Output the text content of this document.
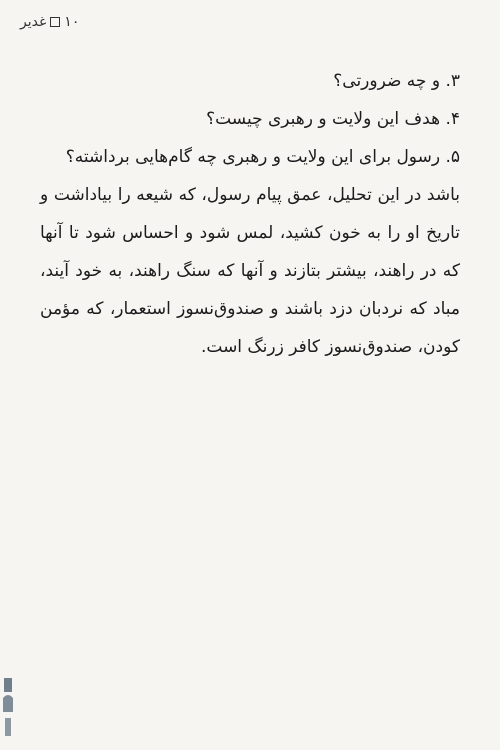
۱۰
غدیر

۳. و چه ضرورتی؟

۴. هدف این ولایت و رهبری چیست؟

۵. رسول برای این ولایت و رهبری چه گام‌هایی برداشته؟

باشد در این تحلیل، عمق پیام رسول، که شیعه را بیاداشت و تاریخ او را به خون کشید، لمس شود و احساس شود تا آنها که در راهند، بیشتر بتازند و آنها که سنگ راهند، به خود آیند، مباد که نردبان دزد باشند و صندوق‌نسوز استعمار، که مؤمن کودن، صندوق‌نسوز کافر زرنگ است.
